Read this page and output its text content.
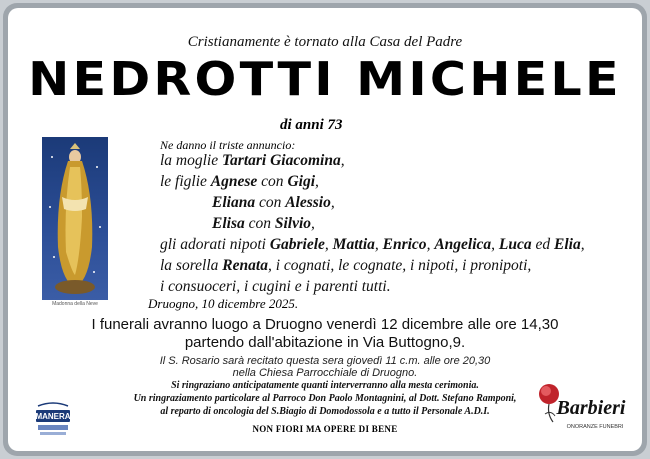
Cristianamente è tornato alla Casa del Padre
NEDROTTI MICHELE
di anni 73
Madonna della Neve
Ne danno il triste annuncio:
la moglie Tartari Giacomina,
le figlie Agnese con Gigi,
Eliana con Alessio,
Elisa con Silvio,
gli adorati nipoti Gabriele, Mattia, Enrico, Angelica, Luca ed Elia,
la sorella Renata, i cognati, le cognate, i nipoti, i pronipoti,
i consuoceri, i cugini e i parenti tutti.
Druogno, 10 dicembre 2025.
I funerali avranno luogo a Druogno venerdì 12 dicembre alle ore 14,30
partendo dall'abitazione in Via Buttogno,9.
Il S. Rosario sarà recitato questa sera giovedì 11 c.m. alle ore 20,30
nella Chiesa Parrocchiale di Druogno.
Si ringraziano anticipatamente quanti interverranno alla mesta cerimonia.
Un ringraziamento particolare al Parroco Don Paolo Montagnini, al Dott. Stefano Ramponi,
al reparto di oncologia del S.Biagio di Domodossola e a tutto il Personale A.D.I.
NON FIORI MA OPERE DI BENE
MANERA	Barbieri
ONORANZE FUNEBRI
